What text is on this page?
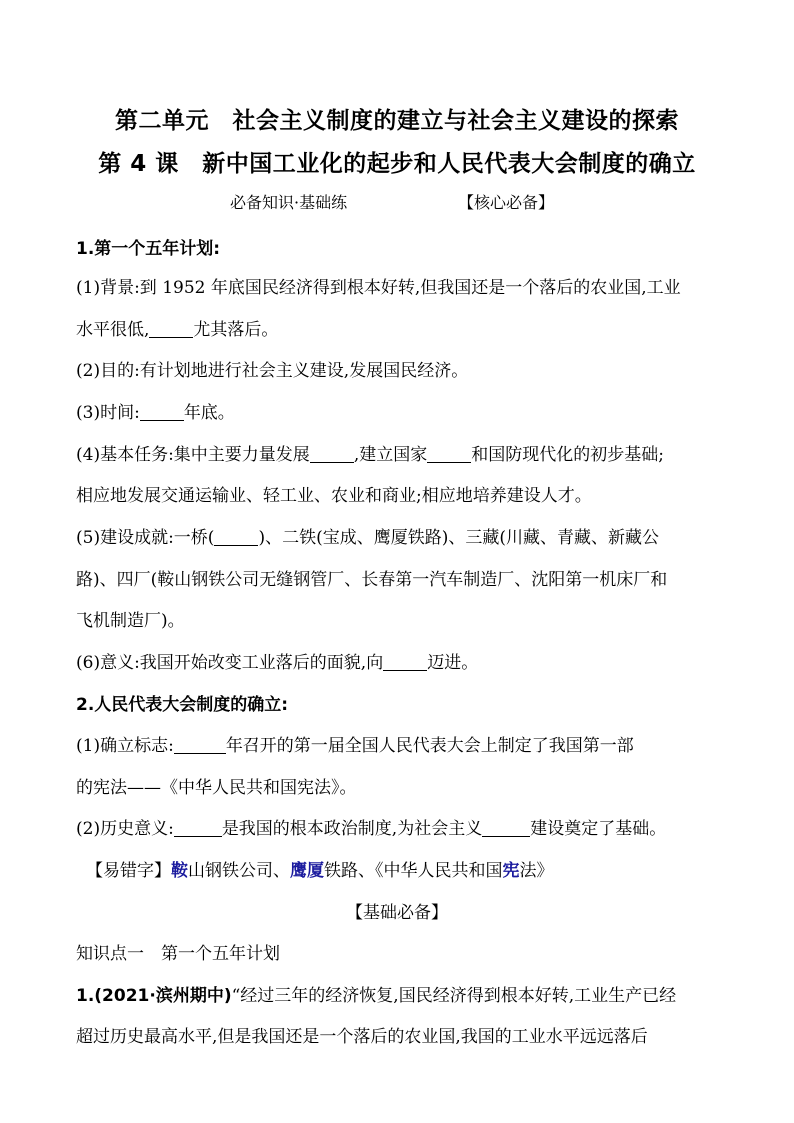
第二单元　社会主义制度的建立与社会主义建设的探索
第 4 课　新中国工业化的起步和人民代表大会制度的确立
必备知识·基础练	【核心必备】
1.第一个五年计划:
(1)背景:到 1952 年底国民经济得到根本好转,但我国还是一个落后的农业国,工业
水平很低,	尤其落后。
(2)目的:有计划地进行社会主义建设,发展国民经济。
(3)时间:	年底。
(4)基本任务:集中主要力量发展	,建立国家	和国防现代化的初步基础;
相应地发展交通运输业、轻工业、农业和商业;相应地培养建设人才。
(5)建设成就:一桥(	)、二铁(宝成、鹰厦铁路)、三藏(川藏、青藏、新藏公
路)、四厂(鞍山钢铁公司无缝钢管厂、长春第一汽车制造厂、沈阳第一机床厂和
飞机制造厂)。
(6)意义:我国开始改变工业落后的面貌,向	迈进。
2.人民代表大会制度的确立:
(1)确立标志:	年召开的第一届全国人民代表大会上制定了我国第一部
的宪法——《中华人民共和国宪法》。
(2)历史意义:	是我国的根本政治制度,为社会主义	建设奠定了基础。
【易错字】鞍山钢铁公司、鹰厦铁路、《中华人民共和国宪法》
【基础必备】
知识点一　第一个五年计划
1.(2021·滨州期中)“经过三年的经济恢复,国民经济得到根本好转,工业生产已经
超过历史最高水平,但是我国还是一个落后的农业国,我国的工业水平远远落后
